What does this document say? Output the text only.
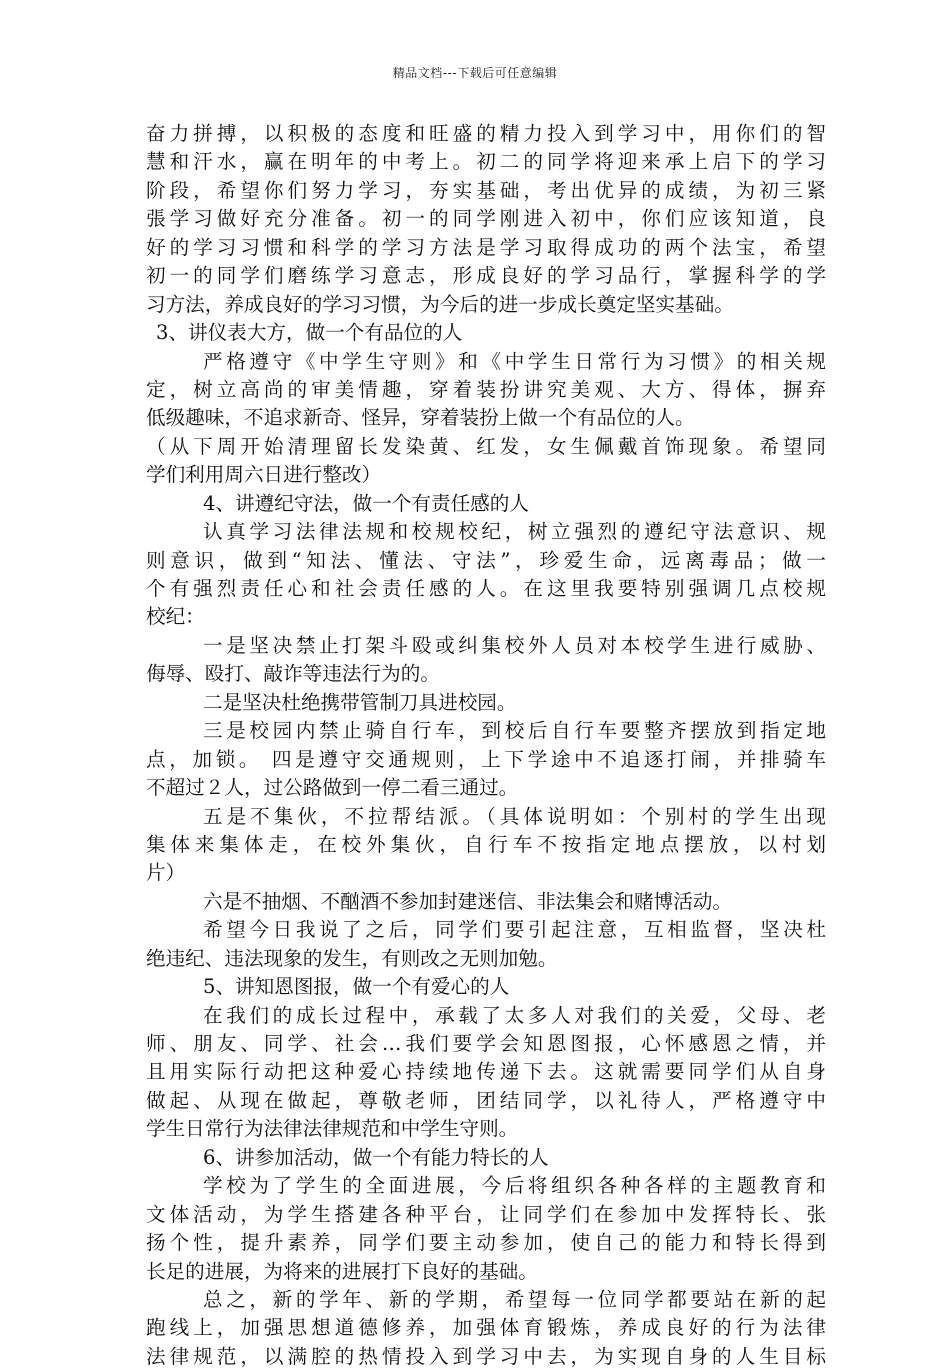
精品文档---下载后可任意编辑
奋力拼搏，以积极的态度和旺盛的精力投入到学习中，用你们的智
慧和汗水，赢在明年的中考上。初二的同学将迎来承上启下的学习
阶段，希望你们努力学习，夯实基础，考出优异的成绩，为初三紧
張学习做好充分准备。初一的同学刚进入初中，你们应该知道，良
好的学习习惯和科学的学习方法是学习取得成功的两个法宝，希望
初一的同学们磨练学习意志，形成良好的学习品行，掌握科学的学
习方法，养成良好的学习习惯，为今后的进一步成长奠定坚实基础。
3、讲仪表大方，做一个有品位的人
严格遵守《中学生守则》和《中学生日常行为习惯》的相关规
定，树立高尚的审美情趣，穿着装扮讲究美观、大方、得体，摒弃
低级趣味，不追求新奇、怪异，穿着装扮上做一个有品位的人。
（从下周开始清理留长发染黄、红发，女生佩戴首饰现象。希望同
学们利用周六日进行整改）
4、讲遵纪守法，做一个有责任感的人
认真学习法律法规和校规校纪，树立强烈的遵纪守法意识、规
则意识，做到“知法、懂法、守法”，珍爱生命，远离毒品；做一
个有强烈责任心和社会责任感的人。在这里我要特别强调几点校规
校纪：
一是坚决禁止打架斗殴或纠集校外人员对本校学生进行威胁、
侮辱、殴打、敲诈等违法行为的。
二是坚决杜绝携带管制刀具进校园。
三是校园内禁止骑自行车，到校后自行车要整齐摆放到指定地
点，加锁。 四是遵守交通规则，上下学途中不追逐打闹，并排骑车
不超过２人，过公路做到一停二看三通过。
五是不集伙，不拉帮结派。（具体说明如：个别村的学生出现
集体来集体走，在校外集伙，自行车不按指定地点摆放，以村划
片）
六是不抽烟、不酗酒不参加封建迷信、非法集会和赌博活动。
希望今日我说了之后，同学们要引起注意，互相监督，坚决杜
绝违纪、违法现象的发生，有则改之无则加勉。
5、讲知恩图报，做一个有爱心的人
在我们的成长过程中，承载了太多人对我们的关爱，父母、老
师、朋友、同学、社会…我们要学会知恩图报，心怀感恩之情，并
且用实际行动把这种爱心持续地传递下去。这就需要同学们从自身
做起、从现在做起，尊敬老师，团结同学，以礼待人，严格遵守中
学生日常行为法律法律规范和中学生守则。
6、讲参加活动，做一个有能力特长的人
学校为了学生的全面进展，今后将组织各种各样的主题教育和
文体活动，为学生搭建各种平台，让同学们在参加中发挥特长、张
扬个性，提升素养，同学们要主动参加，使自己的能力和特长得到
长足的进展，为将来的进展打下良好的基础。
总之，新的学年、新的学期，希望每一位同学都要站在新的起
跑线上，加强思想道德修养，加强体育锻炼，养成良好的行为法律
法律规范，以满腔的热情投入到学习中去，为实现自身的人生目标
